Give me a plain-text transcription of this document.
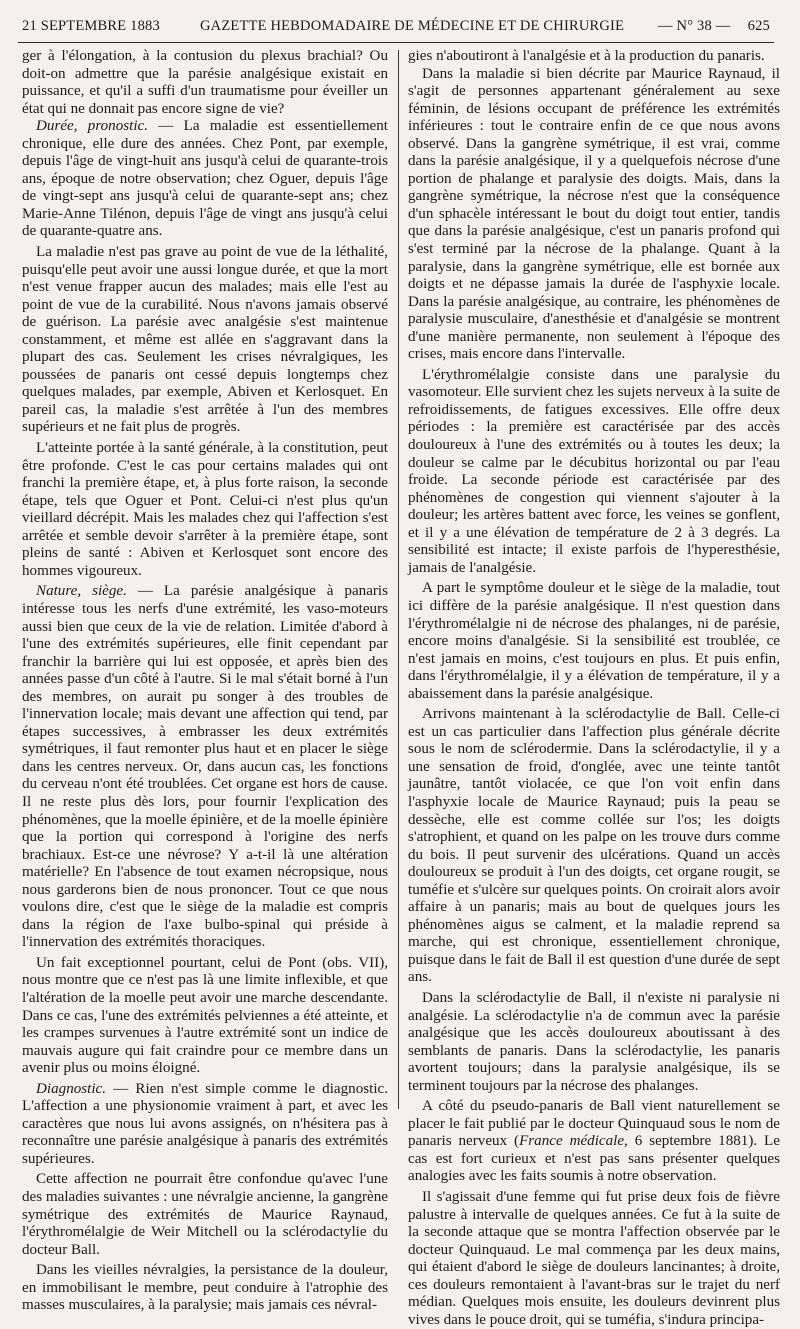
21 SEPTEMBRE 1883	GAZETTE HEBDOMADAIRE DE MÉDECINE ET DE CHIRURGIE — N° 38 — 625

ger à l'élongation, à la contusion du plexus brachial? Ou doit-on admettre que la parésie analgésique existait en puissance, et qu'il a suffi d'un traumatisme pour éveiller un état qui ne donnait pas encore signe de vie?

Durée, pronostic. — La maladie est essentiellement chronique, elle dure des années. Chez Pont, par exemple, depuis l'âge de vingt-huit ans jusqu'à celui de quarante-trois ans, époque de notre observation; chez Oguer, depuis l'âge de vingt-sept ans jusqu'à celui de quarante-sept ans; chez Marie-Anne Tilénon, depuis l'âge de vingt ans jusqu'à celui de quarante-quatre ans.

La maladie n'est pas grave au point de vue de la léthalité, puisqu'elle peut avoir une aussi longue durée, et que la mort n'est venue frapper aucun des malades; mais elle l'est au point de vue de la curabilité. Nous n'avons jamais observé de guérison. La parésie avec analgésie s'est maintenue constamment, et même est allée en s'aggravant dans la plupart des cas. Seulement les crises névralgiques, les poussées de panaris ont cessé depuis longtemps chez quelques malades, par exemple, Abiven et Kerlosquet. En pareil cas, la maladie s'est arrêtée à l'un des membres supérieurs et ne fait plus de progrès.

L'atteinte portée à la santé générale, à la constitution, peut être profonde. C'est le cas pour certains malades qui ont franchi la première étape, et, à plus forte raison, la seconde étape, tels que Oguer et Pont. Celui-ci n'est plus qu'un vieillard décrépit. Mais les malades chez qui l'affection s'est arrêtée et semble devoir s'arrêter à la première étape, sont pleins de santé : Abiven et Kerlosquet sont encore des hommes vigoureux.

Nature, siège. — La parésie analgésique à panaris intéresse tous les nerfs d'une extrémité, les vaso-moteurs aussi bien que ceux de la vie de relation. Limitée d'abord à l'une des extrémités supérieures, elle finit cependant par franchir la barrière qui lui est opposée, et après bien des années passe d'un côté à l'autre. Si le mal s'était borné à l'un des membres, on aurait pu songer à des troubles de l'innervation locale; mais devant une affection qui tend, par étapes successives, à embrasser les deux extrémités symétriques, il faut remonter plus haut et en placer le siège dans les centres nerveux. Or, dans aucun cas, les fonctions du cerveau n'ont été troublées. Cet organe est hors de cause. Il ne reste plus dès lors, pour fournir l'explication des phénomènes, que la moelle épinière, et de la moelle épinière que la portion qui correspond à l'origine des nerfs brachiaux. Est-ce une névrose? Y a-t-il là une altération matérielle? En l'absence de tout examen nécropsique, nous nous garderons bien de nous prononcer. Tout ce que nous voulons dire, c'est que le siège de la maladie est compris dans la région de l'axe bulbo-spinal qui préside à l'innervation des extrémités thoraciques.

Un fait exceptionnel pourtant, celui de Pont (obs. VII), nous montre que ce n'est pas là une limite inflexible, et que l'altération de la moelle peut avoir une marche descendante. Dans ce cas, l'une des extrémités pelviennes a été atteinte, et les crampes survenues à l'autre extrémité sont un indice de mauvais augure qui fait craindre pour ce membre dans un avenir plus ou moins éloigné.

Diagnostic. — Rien n'est simple comme le diagnostic. L'affection a une physionomie vraiment à part, et avec les caractères que nous lui avons assignés, on n'hésitera pas à reconnaître une parésie analgésique à panaris des extrémités supérieures.

Cette affection ne pourrait être confondue qu'avec l'une des maladies suivantes : une névralgie ancienne, la gangrène symétrique des extrémités de Maurice Raynaud, l'érythromélalgie de Weir Mitchell ou la sclérodactylie du docteur Ball.

Dans les vieilles névralgies, la persistance de la douleur, en immobilisant le membre, peut conduire à l'atrophie des masses musculaires, à la paralysie; mais jamais ces névral-

gies n'aboutiront à l'analgésie et à la production du panaris.

Dans la maladie si bien décrite par Maurice Raynaud, il s'agit de personnes appartenant généralement au sexe féminin, de lésions occupant de préférence les extrémités inférieures : tout le contraire enfin de ce que nous avons observé. Dans la gangrène symétrique, il est vrai, comme dans la parésie analgésique, il y a quelquefois nécrose d'une portion de phalange et paralysie des doigts. Mais, dans la gangrène symétrique, la nécrose n'est que la conséquence d'un sphacèle intéressant le bout du doigt tout entier, tandis que dans la parésie analgésique, c'est un panaris profond qui s'est terminé par la nécrose de la phalange. Quant à la paralysie, dans la gangrène symétrique, elle est bornée aux doigts et ne dépasse jamais la durée de l'asphyxie locale. Dans la parésie analgésique, au contraire, les phénomènes de paralysie musculaire, d'anesthésie et d'analgésie se montrent d'une manière permanente, non seulement à l'époque des crises, mais encore dans l'intervalle.

L'érythromélalgie consiste dans une paralysie du vasomoteur. Elle survient chez les sujets nerveux à la suite de refroidissements, de fatigues excessives. Elle offre deux périodes : la première est caractérisée par des accès douloureux à l'une des extrémités ou à toutes les deux; la douleur se calme par le décubitus horizontal ou par l'eau froide. La seconde période est caractérisée par des phénomènes de congestion qui viennent s'ajouter à la douleur; les artères battent avec force, les veines se gonflent, et il y a une élévation de température de 2 à 3 degrés. La sensibilité est intacte; il existe parfois de l'hyperesthésie, jamais de l'analgésie.

A part le symptôme douleur et le siège de la maladie, tout ici diffère de la parésie analgésique. Il n'est question dans l'érythromélalgie ni de nécrose des phalanges, ni de parésie, encore moins d'analgésie. Si la sensibilité est troublée, ce n'est jamais en moins, c'est toujours en plus. Et puis enfin, dans l'érythromélalgie, il y a élévation de température, il y a abaissement dans la parésie analgésique.

Arrivons maintenant à la sclérodactylie de Ball. Celle-ci est un cas particulier dans l'affection plus générale décrite sous le nom de sclérodermie. Dans la sclérodactylie, il y a une sensation de froid, d'onglée, avec une teinte tantôt jaunâtre, tantôt violacée, ce que l'on voit enfin dans l'asphyxie locale de Maurice Raynaud; puis la peau se dessèche, elle est comme collée sur l'os; les doigts s'atrophient, et quand on les palpe on les trouve durs comme du bois. Il peut survenir des ulcérations. Quand un accès douloureux se produit à l'un des doigts, cet organe rougit, se tuméfie et s'ulcère sur quelques points. On croirait alors avoir affaire à un panaris; mais au bout de quelques jours les phénomènes aigus se calment, et la maladie reprend sa marche, qui est chronique, essentiellement chronique, puisque dans le fait de Ball il est question d'une durée de sept ans.

Dans la sclérodactylie de Ball, il n'existe ni paralysie ni analgésie. La sclérodactylie n'a de commun avec la parésie analgésique que les accès douloureux aboutissant à des semblants de panaris. Dans la sclérodactylie, les panaris avortent toujours; dans la paralysie analgésique, ils se terminent toujours par la nécrose des phalanges.

A côté du pseudo-panaris de Ball vient naturellement se placer le fait publié par le docteur Quinquaud sous le nom de panaris nerveux (France médicale, 6 septembre 1881). Le cas est fort curieux et n'est pas sans présenter quelques analogies avec les faits soumis à notre observation.

Il s'agissait d'une femme qui fut prise deux fois de fièvre palustre à intervalle de quelques années. Ce fut à la suite de la seconde attaque que se montra l'affection observée par le docteur Quinquaud. Le mal commença par les deux mains, qui étaient d'abord le siège de douleurs lancinantes; à droite, ces douleurs remontaient à l'avant-bras sur le trajet du nerf médian. Quelques mois ensuite, les douleurs devinrent plus vives dans le pouce droit, qui se tuméfia, s'indura principa-
